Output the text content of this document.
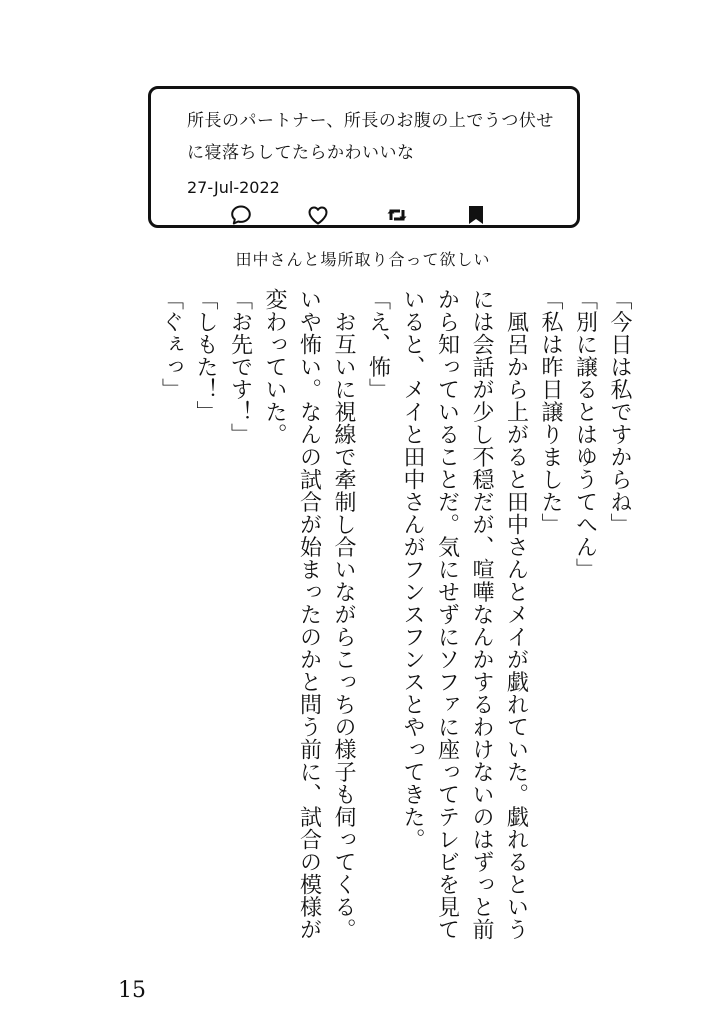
所長のパートナー、所長のお腹の上でうつ伏せ
に寝落ちしてたらかわいいな

27-Jul-2022

田中さんと場所取り合って欲しい

「今日は私ですからね」

「別に譲るとはゆうてへん」

「私は昨日譲りました」

　風呂から上がると田中さんとメイが戯れていた。戯れるという

には会話が少し不穏だが、喧嘩なんかするわけないのはずっと前

から知っていることだ。気にせずにソファに座ってテレビを見て

いると、メイと田中さんがフンスフンスとやってきた。

「え、怖」

　お互いに視線で牽制し合いながらこっちの様子も伺ってくる。

いや怖い。なんの試合が始まったのかと問う前に、試合の模様が

変わっていた。

「お先です！」

「しもた！」

「ぐぇっ」

15
